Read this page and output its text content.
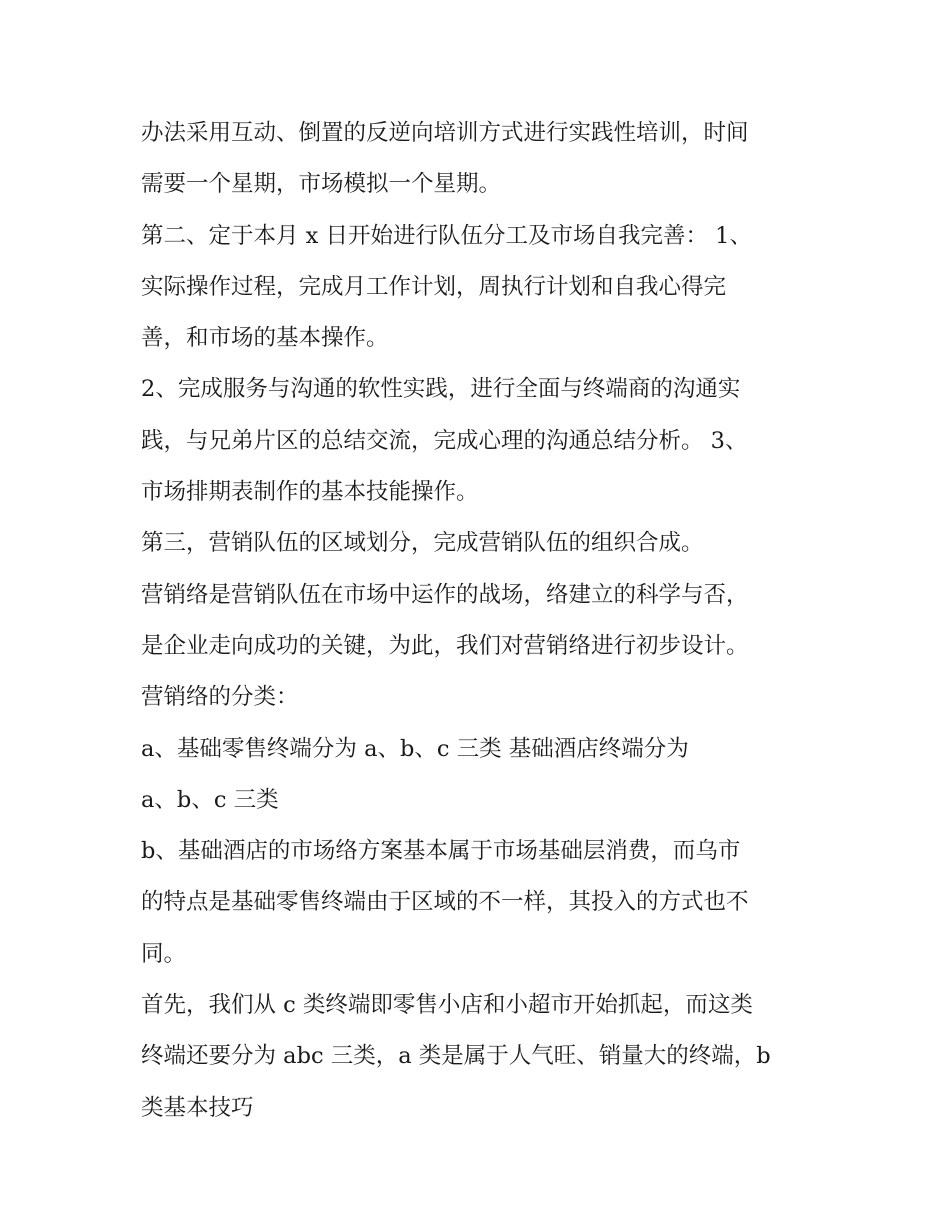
办法采用互动、倒置的反逆向培训方式进行实践性培训，时间

需要一个星期，市场模拟一个星期。

第二、定于本月 x 日开始进行队伍分工及市场自我完善： 1、

实际操作过程，完成月工作计划，周执行计划和自我心得完

善，和市场的基本操作。

2、完成服务与沟通的软性实践，进行全面与终端商的沟通实

践，与兄弟片区的总结交流，完成心理的沟通总结分析。 3、

市场排期表制作的基本技能操作。

第三，营销队伍的区域划分，完成营销队伍的组织合成。

营销络是营销队伍在市场中运作的战场，络建立的科学与否，

是企业走向成功的关键，为此，我们对营销络进行初步设计。

营销络的分类：

a、基础零售终端分为 a、b、c 三类 基础酒店终端分为

a、b、c 三类

b、基础酒店的市场络方案基本属于市场基础层消费，而乌市

的特点是基础零售终端由于区域的不一样，其投入的方式也不

同。

首先，我们从 c 类终端即零售小店和小超市开始抓起，而这类

终端还要分为 abc 三类，a 类是属于人气旺、销量大的终端，b

类基本技巧
